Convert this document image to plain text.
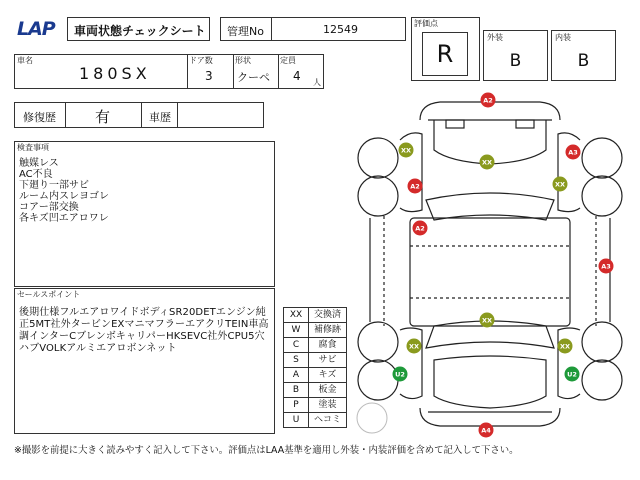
LAP 車両状態チェックシート 管理No	12549	評価点
R
外装
B
内装
B
車名
180SX
ドア数
3
形状
クーペ
定員
4 人
修復歴	有	車歴
検査事項
触媒レス
AC不良
下廻り一部サビ
ルーム内スレヨゴレ
コアー部交換
各キズ凹エアロワレ
セールスポイント
後期仕様フルエアロワイドボディSR20DETエンジン純正5MT社外タービンEXマニマフラーエアクリTEIN車高調インターCブレンボキャリパーHKSEVC社外CPU5穴ハブVOLKアルミエアロボンネット
XX	交換済
W	補修跡
C	腐食
S	サビ
A	キズ
B	板金
P	塗装
U	ヘコミ
A2
XX
XX
A3
A2	XX
A2
A3
XX	XX
XX
U2	U2
A4
※撮影を前提に大きく読みやすく記入して下さい。評価点はLAA基準を適用し外装・内装評価を含めて記入して下さい。
